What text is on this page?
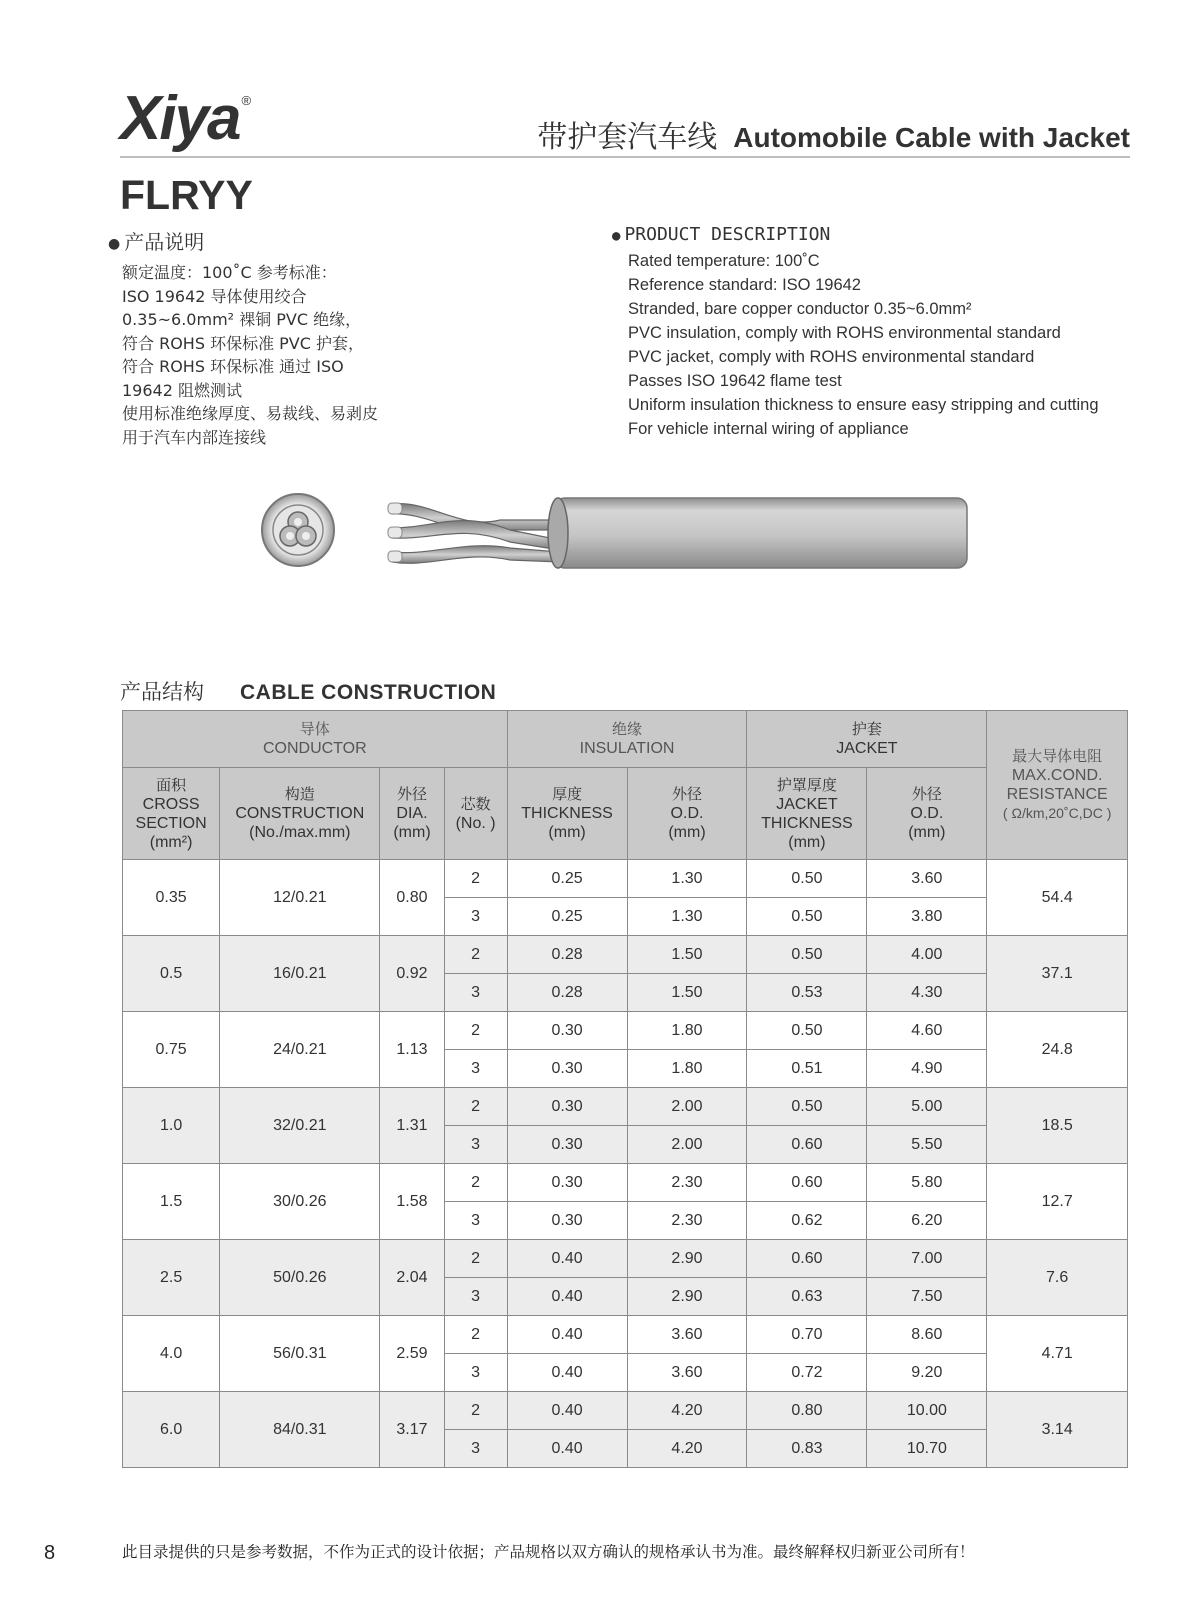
Xiya ®
带护套汽车线 Automobile Cable with Jacket
FLRYY
● 产品说明
额定温度：100˚C 参考标准：
ISO 19642 导体使用绞合
0.35~6.0mm² 裸铜 PVC 绝缘，
符合 ROHS 环保标准 PVC 护套，
符合 ROHS 环保标准 通过 ISO
19642 阻燃测试
使用标准绝缘厚度、易裁线、易剥皮
用于汽车内部连接线
● PRODUCT DESCRIPTION
Rated temperature: 100˚C
Reference standard: ISO 19642
Stranded, bare copper conductor 0.35~6.0mm²
PVC insulation, comply with ROHS environmental standard
PVC jacket, comply with ROHS environmental standard
Passes ISO 19642 flame test
Uniform insulation thickness to ensure easy stripping and cutting
For vehicle internal wiring of appliance
产品结构 CABLE CONSTRUCTION
导体
CONDUCTOR				绝缘
INSULATION		护套
JACKET		最大导体电阻
MAX.COND.
RESISTANCE
( Ω/km,20˚C,DC )

面积
CROSS
SECTION
(mm²)	构造
CONSTRUCTION
(No./max.mm)	外径
DIA.
(mm)	芯数
(No. )	厚度
THICKNESS
(mm)	外径
O.D.
(mm)	护罩厚度
JACKET
THICKNESS
(mm)	外径
O.D.
(mm)	

0.35	12/0.21	0.80	2	0.25	1.30	0.50	3.60	54.4
			3	0.25	1.30	0.50	3.80	
0.5	16/0.21	0.92	2	0.28	1.50	0.50	4.00	37.1
			3	0.28	1.50	0.53	4.30	
0.75	24/0.21	1.13	2	0.30	1.80	0.50	4.60	24.8
			3	0.30	1.80	0.51	4.90	
1.0	32/0.21	1.31	2	0.30	2.00	0.50	5.00	18.5
			3	0.30	2.00	0.60	5.50	
1.5	30/0.26	1.58	2	0.30	2.30	0.60	5.80	12.7
			3	0.30	2.30	0.62	6.20	
2.5	50/0.26	2.04	2	0.40	2.90	0.60	7.00	7.6
			3	0.40	2.90	0.63	7.50	
4.0	56/0.31	2.59	2	0.40	3.60	0.70	8.60	4.71
			3	0.40	3.60	0.72	9.20	
6.0	84/0.31	3.17	2	0.40	4.20	0.80	10.00	3.14
			3	0.40	4.20	0.83	10.70	
8	此目录提供的只是参考数据，不作为正式的设计依据；产品规格以双方确认的规格承认书为准。最终解释权归新亚公司所有！
